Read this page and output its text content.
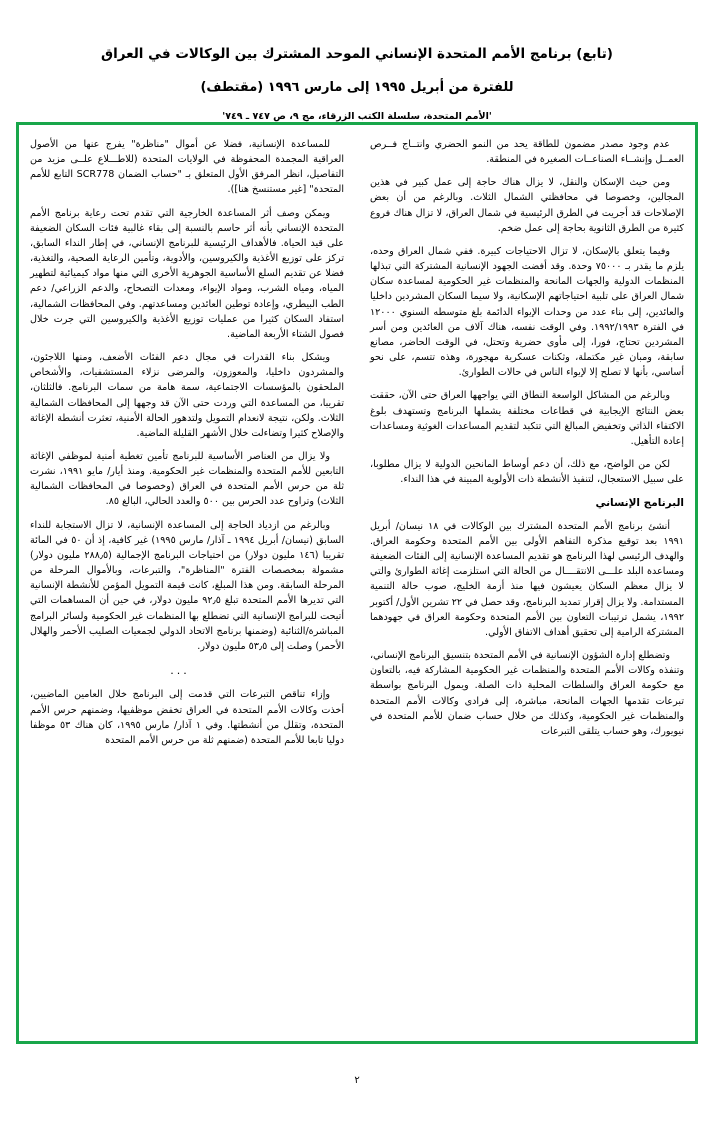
(تابع) برنامج الأمم المتحدة الإنساني الموحد المشترك بين الوكالات في العراق
للفترة من أبريل ١٩٩٥ إلى مارس ١٩٩٦ (مقتطف)
'الأمم المتحدة، سلسلة الكتب الزرقاء، مج ٩، ص ٧٤٧ ـ ٧٤٩'

عدم وجود مصدر مضمون للطاقة يحد من النمو الحضري وانتــاج فــرص العمــل وإنشــاء الصناعــات الصغيرة في المنطقة.

ومن حيث الإسكان والنقل، لا يزال هناك حاجة إلى عمل كبير في هذين المجالين، وخصوصا في محافظتي الشمال الثلاث. وبالرغم من أن بعض الإصلاحات قد أجريت في الطرق الرئيسية في شمال العراق، لا تزال هناك فروع كثيرة من الطرق الثانوية بحاجة إلى عمل ضخم.

وفيما يتعلق بالإسكان، لا تزال الاحتياجات كبيرة. ففي شمال العراق وحده، يلزم ما يقدر بـ ٧٥٠٠٠ وحدة. وقد أفضت الجهود الإنسانية المشتركة التي تبذلها المنظمات الدولية والجهات المانحة والمنظمات غير الحكومية لمساعدة سكان شمال العراق على تلبية احتياجاتهم الإسكانية، ولا سيما السكان المشردين داخليا والعائدين، إلى بناء عدد من وحدات الإيواء الدائمة بلغ متوسطه السنوي ١٢٠٠٠ في الفترة ١٩٩٢/١٩٩٣. وفي الوقت نفسه، هناك آلاف من العائدين ومن أسر المشردين تحتاج، فورا، إلى مأوى حضرية وتحتل، في الوقت الحاضر، مصانع سابقة، ومبان غير مكتملة، وثكنات عسكرية مهجورة، وهذه تتسم، على نحو أساسي، بأنها لا تصلح إلا لإيواء الناس في حالات الطوارئ.

وبالرغم من المشاكل الواسعة النطاق التي يواجهها العراق حتى الآن، حققت بعض النتائج الإيجابية في قطاعات مختلفة يشملها البرنامج وتستهدف بلوغ الاكتفاء الذاتي وتخفيض المبالغ التي تتكبد لتقديم المساعدات الغوثية ومساعدات إعادة التأهيل.

لكن من الواضح، مع ذلك، أن دعم أوساط المانحين الدولية لا يزال مطلوبا، على سبيل الاستعجال، لتنفيذ الأنشطة ذات الأولوية المبينة في هذا النداء.

البرنامج الإنساني

أنشئ برنامج الأمم المتحدة المشترك بين الوكالات في ١٨ نيسان/ أبريل ١٩٩١ بعد توقيع مذكرة التفاهم الأولى بين الأمم المتحدة وحكومة العراق. والهدف الرئيسي لهذا البرنامج هو تقديم المساعدة الإنسانية إلى الفئات الضعيفة ومساعدة البلد علـــى الانتقــــال من الحالة التي استلزمت إغاثة الطوارئ والتي لا يزال معظم السكان يعيشون فيها منذ أزمة الخليج، صوب حالة التنمية المستدامة. ولا يزال إقرار تمديد البرنامج، وقد حصل في ٢٢ تشرين الأول/ أكتوبر ١٩٩٢، يشمل ترتيبات التعاون بين الأمم المتحدة وحكومة العراق في جهودهما المشتركة الرامية إلى تحقيق أهداف الاتفاق الأولي.

وتضطلع إدارة الشؤون الإنسانية في الأمم المتحدة بتنسيق البرنامج الإنساني، وتنفذه وكالات الأمم المتحدة والمنظمات غير الحكومية المشاركة فيه، بالتعاون مع حكومة العراق والسلطات المحلية ذات الصلة. ويمول البرنامج بواسطة تبرعات تقدمها الجهات المانحة، مباشرة، إلى فرادى وكالات الأمم المتحدة والمنظمات غير الحكومية، وكذلك من خلال حساب ضمان للأمم المتحدة في نيويورك، وهو حساب يتلقى التبرعات

للمساعدة الإنسانية، فضلا عن أموال "مناظرة" يفرج عنها من الأصول العراقية المجمدة المحفوظة في الولايات المتحدة (للاطـــلاع علــى مزيد من التفاصيل، انظر المرفق الأول المتعلق بـ "حساب الضمان SCR778 التابع للأمم المتحدة" [غير مستنسخ هنا]).

ويمكن وصف أثر المساعدة الخارجية التي تقدم تحت رعاية برنامج الأمم المتحدة الإنساني بأنه أثر حاسم بالنسبة إلى بقاء غالبية فئات السكان الضعيفة على قيد الحياة. فالأهداف الرئيسية للبرنامج الإنساني، في إطار النداء السابق، تركز على توزيع الأغذية والكيروسين، والأدوية، وتأمين الرعاية الصحية، والتغذية، فضلا عن تقديم السلع الأساسية الجوهرية الأخرى التي منها مواد كيميائية لتطهير المياه، ومياه الشرب، ومواد الإيواء، ومعدات التصحاح، والدعم الزراعي/ دعم الطب البيطري، وإعادة توطين العائدين ومساعدتهم. وفي المحافظات الشمالية، استفاد السكان كثيرا من عمليات توزيع الأغذية والكيروسين التي جرت خلال فصول الشتاء الأربعة الماضية.

ويشكل بناء القدرات في مجال دعم الفئات الأضعف، ومنها اللاجئون، والمشردون داخليا، والمعوزون، والمرضى نزلاء المستشفيات، والأشخاص الملحقون بالمؤسسات الاجتماعية، سمة هامة من سمات البرنامج. فالثلثان، تقريبا، من المساعدة التي وردت حتى الآن قد وجهها إلى المحافظات الشمالية الثلاث. ولكن، نتيجة لانعدام التمويل ولتدهور الحالة الأمنية، تعثرت أنشطة الإغاثة والإصلاح كثيرا وتضاءلت خلال الأشهر القليلة الماضية.

ولا يزال من العناصر الأساسية للبرنامج تأمين تغطية أمنية لموظفي الإغاثة التابعين للأمم المتحدة والمنظمات غير الحكومية. ومنذ أيار/ مايو ١٩٩١، نشرت ثلة من حرس الأمم المتحدة في العراق (وخصوصا في المحافظات الشمالية الثلاث) وتراوح عدد الحرس بين ٥٠٠ والعدد الحالي، البالغ ٨٥.

وبالرغم من ازدياد الحاجة إلى المساعدة الإنسانية، لا تزال الاستجابة للنداء السابق (نيسان/ أبريل ١٩٩٤ ـ آذار/ مارس ١٩٩٥) غير كافية، إذ أن ٥٠ في المائة تقريبا (١٤٦ مليون دولار) من احتياجات البرنامج الإجمالية (٢٨٨٫٥ مليون دولار) مشمولة بمخصصات الفترة "المناظرة"، والتبرعات، وبالأموال المرحلة من المرحلة السابقة. ومن هذا المبلغ، كانت قيمة التمويل المؤمن للأنشطة الإنسانية التي تديرها الأمم المتحدة تبلغ ٩٢٫٥ مليون دولار، في حين أن المساهمات التي أتيحت للبرامج الإنسانية التي تضطلع بها المنظمات غير الحكومية ولسائر البرامج المباشرة/الثنائية (وضمنها برنامج الاتحاد الدولي لجمعيات الصليب الأحمر والهلال الأحمر) وصلت إلى ٥٣٫٥ مليون دولار.

...

وإزاء تناقص التبرعات التي قدمت إلى البرنامج خلال العامين الماضيين، أخذت وكالات الأمم المتحدة في العراق تخفض موظفيها، وضمنهم حرس الأمم المتحدة، وتقلل من أنشطتها. وفي ١ آذار/ مارس ١٩٩٥، كان هناك ٥٣ موظفا دوليا تابعا للأمم المتحدة (ضمنهم ثلة من حرس الأمم المتحدة

٢
